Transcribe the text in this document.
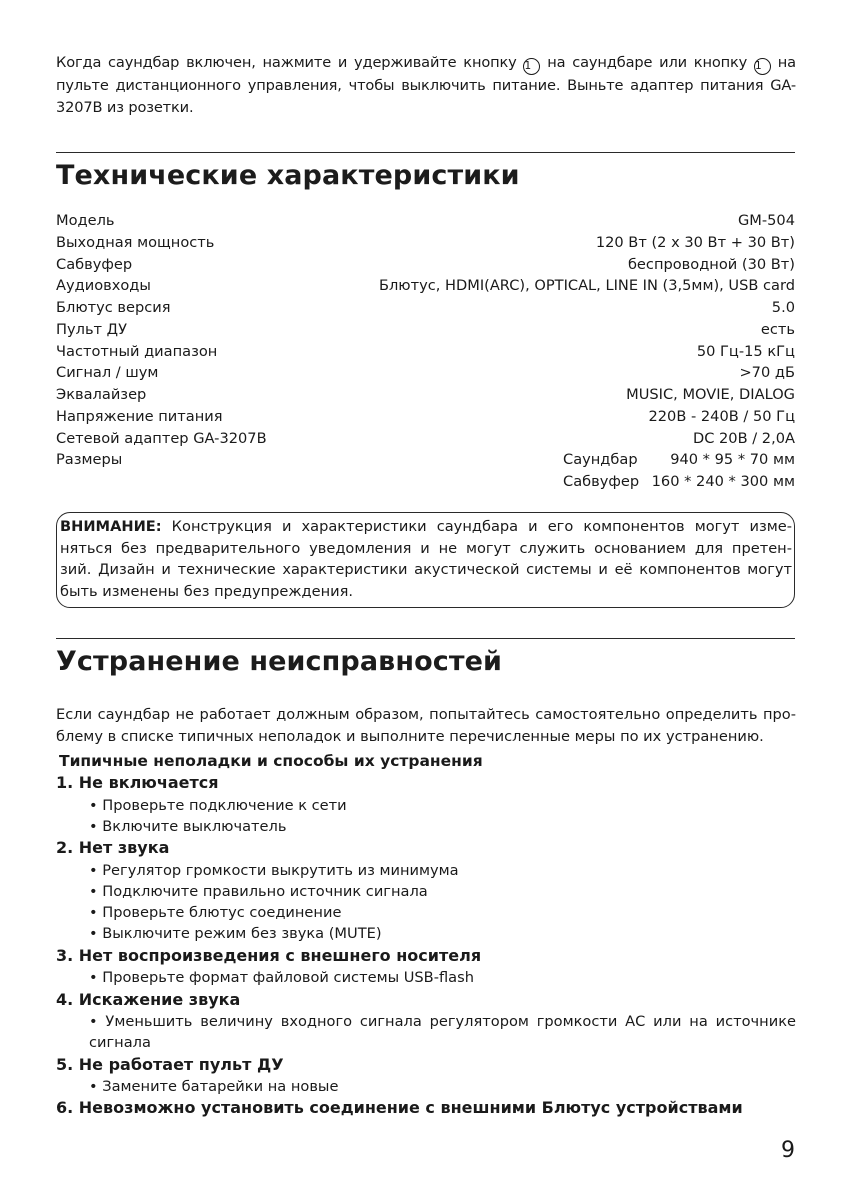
Когда саундбар включен, нажмите и удерживайте кнопку 1 на саундбаре или кнопку 1 на
пульте дистанционного управления, чтобы выключить питание. Выньте адаптер питания GA-
3207B из розетки.
Технические характеристики
Модель	GM-504
Выходная мощность	120 Вт (2 x 30 Вт + 30 Вт)
Сабвуфер	беспроводной (30 Вт)
Аудиовходы	Блютус, HDMI(ARC), OPTICAL, LINE IN (3,5мм), USB card
Блютус версия	5.0
Пульт ДУ	есть
Частотный диапазон	50 Гц-15 кГц
Сигнал / шум	>70 дБ
Эквалайзер	MUSIC, MOVIE, DIALOG
Напряжение питания	220В - 240В / 50 Гц
Сетевой адаптер GA-3207B	DC 20В / 2,0А
Размеры	Саундбар 940 * 95 * 70 мм
Сабвуфер 160 * 240 * 300 мм
ВНИМАНИЕ: Конструкция и характеристики саундбара и его компонентов могут изме-
няться без предварительного уведомления и не могут служить основанием для претен-
зий. Дизайн и технические характеристики акустической системы и её компонентов могут
быть изменены без предупреждения.
Устранение неисправностей
Если саундбар не работает должным образом, попытайтесь самостоятельно определить про-
блему в списке типичных неполадок и выполните перечисленные меры по их устранению.
Типичные неполадки и способы их устранения
1. Не включается
• Проверьте подключение к сети
• Включите выключатель
2. Нет звука
• Регулятор громкости выкрутить из минимума
• Подключите правильно источник сигнала
• Проверьте блютус соединение
• Выключите режим без звука (MUTE)
3. Нет воспроизведения с внешнего носителя
• Проверьте формат файловой системы USB-flash
4. Искажение звука
• Уменьшить величину входного сигнала регулятором громкости АС или на источнике
сигнала
5. Не работает пульт ДУ
• Замените батарейки на новые
6. Невозможно установить соединение с внешними Блютус устройствами
9
